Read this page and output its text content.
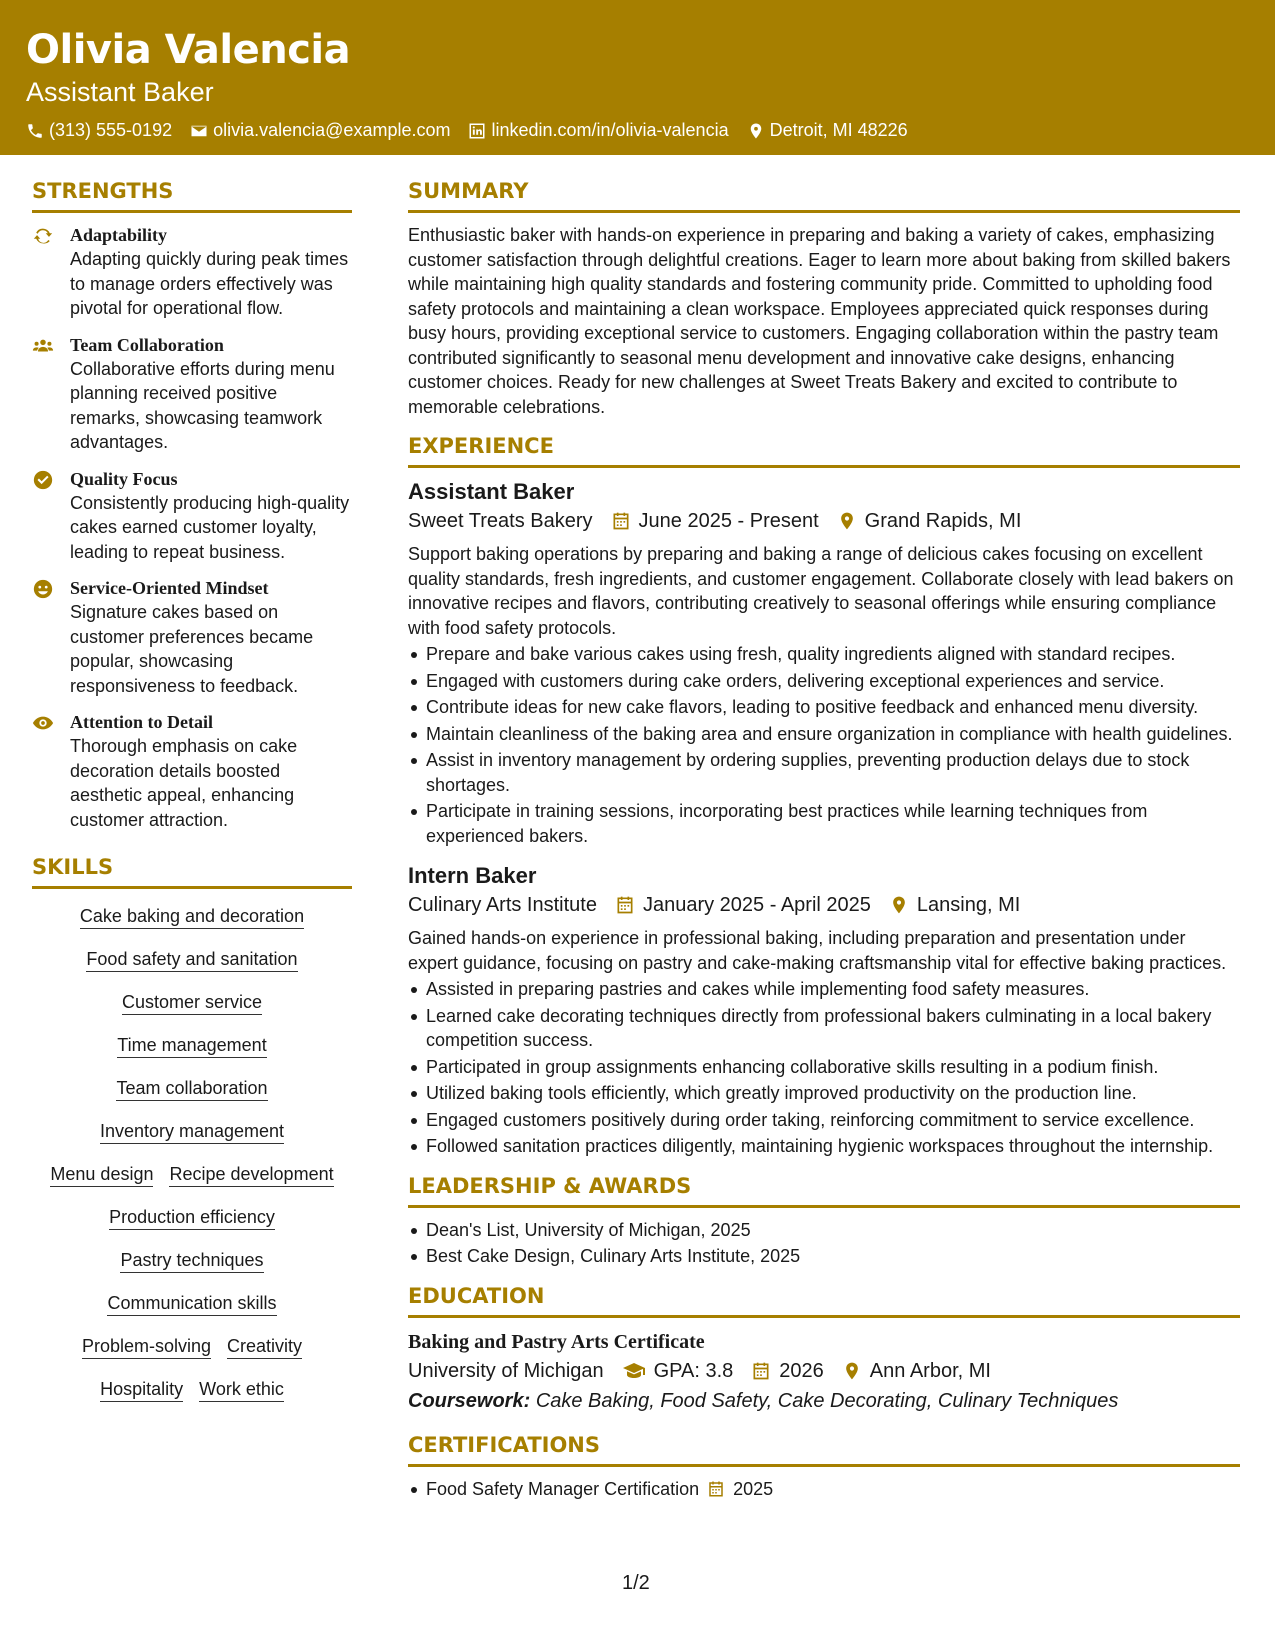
Olivia Valencia
Assistant Baker
(313) 555-0192 olivia.valencia@example.com linkedin.com/in/olivia-valencia Detroit, MI 48226
STRENGTHS
Adaptability
Adapting quickly during peak times to manage orders effectively was pivotal for operational flow.
Team Collaboration
Collaborative efforts during menu planning received positive remarks, showcasing teamwork advantages.
Quality Focus
Consistently producing high-quality cakes earned customer loyalty, leading to repeat business.
Service-Oriented Mindset
Signature cakes based on customer preferences became popular, showcasing responsiveness to feedback.
Attention to Detail
Thorough emphasis on cake decoration details boosted aesthetic appeal, enhancing customer attraction.
SKILLS
Cake baking and decoration
Food safety and sanitation
Customer service
Time management
Team collaboration
Inventory management
Menu design Recipe development
Production efficiency
Pastry techniques
Communication skills
Problem-solving Creativity
Hospitality Work ethic
SUMMARY
Enthusiastic baker with hands-on experience in preparing and baking a variety of cakes, emphasizing customer satisfaction through delightful creations. Eager to learn more about baking from skilled bakers while maintaining high quality standards and fostering community pride. Committed to upholding food safety protocols and maintaining a clean workspace. Employees appreciated quick responses during busy hours, providing exceptional service to customers. Engaging collaboration within the pastry team contributed significantly to seasonal menu development and innovative cake designs, enhancing customer choices. Ready for new challenges at Sweet Treats Bakery and excited to contribute to memorable celebrations.
EXPERIENCE
Assistant Baker
Sweet Treats Bakery June 2025 - Present Grand Rapids, MI
Support baking operations by preparing and baking a range of delicious cakes focusing on excellent quality standards, fresh ingredients, and customer engagement. Collaborate closely with lead bakers on innovative recipes and flavors, contributing creatively to seasonal offerings while ensuring compliance with food safety protocols.
Prepare and bake various cakes using fresh, quality ingredients aligned with standard recipes.
Engaged with customers during cake orders, delivering exceptional experiences and service.
Contribute ideas for new cake flavors, leading to positive feedback and enhanced menu diversity.
Maintain cleanliness of the baking area and ensure organization in compliance with health guidelines.
Assist in inventory management by ordering supplies, preventing production delays due to stock shortages.
Participate in training sessions, incorporating best practices while learning techniques from experienced bakers.
Intern Baker
Culinary Arts Institute January 2025 - April 2025 Lansing, MI
Gained hands-on experience in professional baking, including preparation and presentation under expert guidance, focusing on pastry and cake-making craftsmanship vital for effective baking practices.
Assisted in preparing pastries and cakes while implementing food safety measures.
Learned cake decorating techniques directly from professional bakers culminating in a local bakery competition success.
Participated in group assignments enhancing collaborative skills resulting in a podium finish.
Utilized baking tools efficiently, which greatly improved productivity on the production line.
Engaged customers positively during order taking, reinforcing commitment to service excellence.
Followed sanitation practices diligently, maintaining hygienic workspaces throughout the internship.
LEADERSHIP & AWARDS
Dean's List, University of Michigan, 2025
Best Cake Design, Culinary Arts Institute, 2025
EDUCATION
Baking and Pastry Arts Certificate
University of Michigan	GPA: 3.8 2026 Ann Arbor, MI
Coursework: Cake Baking, Food Safety, Cake Decorating, Culinary Techniques
CERTIFICATIONS
Food Safety Manager Certification 2025
1/2
